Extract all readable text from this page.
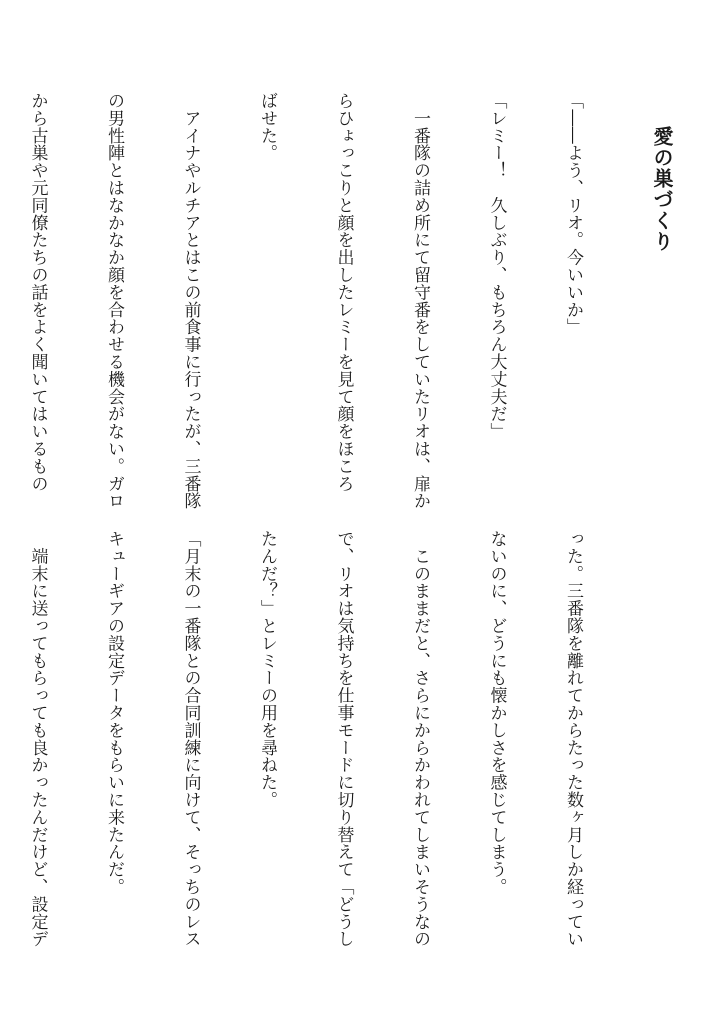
愛の巣づくり

「――よう、リオ。今いいか」

「レミー！　久しぶり、もちろん大丈夫だ」

　一番隊の詰め所にて留守番をしていたリオは、扉か

らひょっこりと顔を出したレミーを見て顔をほころ

ばせた。

　アイナやルチアとはこの前食事に行ったが、三番隊

の男性陣とはなかなか顔を合わせる機会がない。ガロ

から古巣や元同僚たちの話をよく聞いてはいるもの

った。三番隊を離れてからたった数ヶ月しか経ってい

ないのに、どうにも懐かしさを感じてしまう。

　このままだと、さらにからかわれてしまいそうなの

で、リオは気持ちを仕事モードに切り替えて「どうし

たんだ？」とレミーの用を尋ねた。

「月末の一番隊との合同訓練に向けて、そっちのレス

キューギアの設定データをもらいに来たんだ。

　端末に送ってもらっても良かったんだけど、設定デ
